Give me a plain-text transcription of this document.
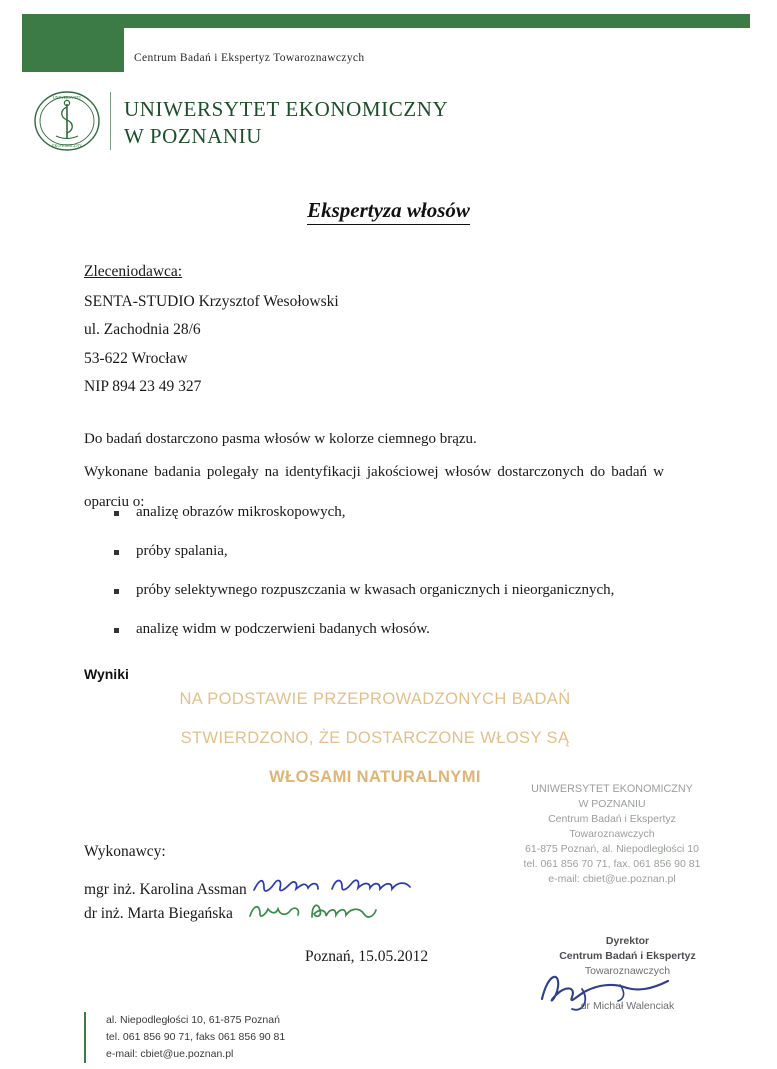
Centrum Badań i Ekspertyz Towaroznawczych
UNIWERSYTET
EKONOMICZNY
UNIWERSYTET EKONOMICZNY
W POZNANIU
Ekspertyza włosów
Zleceniodawca:
SENTA-STUDIO Krzysztof Wesołowski
ul. Zachodnia 28/6
53-622 Wrocław
NIP 894 23 49 327

Do badań dostarczono pasma włosów w kolorze ciemnego brązu.

Wykonane badania polegały na identyfikacji jakościowej włosów dostarczonych do badań w oparciu o:

analizę obrazów mikroskopowych,
próby spalania,
próby selektywnego rozpuszczania w kwasach organicznych i nieorganicznych,
analizę widm w podczerwieni badanych włosów.
Wyniki
NA PODSTAWIE PRZEPROWADZONYCH BADAŃ
STWIERDZONO, ŻE DOSTARCZONE WŁOSY SĄ
WŁOSAMI NATURALNYMI
UNIWERSYTET EKONOMICZNY
W POZNANIU
Centrum Badań i Ekspertyz
Towaroznawczych
61-875 Poznań, al. Niepodległości 10
tel. 061 856 70 71, fax. 061 856 90 81
e-mail: cbiet@ue.poznan.pl
Dyrektor
Centrum Badań i Ekspertyz
Towaroznawczych
dr Michał Walenciak
Wykonawcy:
mgr inż. Karolina Assman
dr inż. Marta Biegańska
Poznań, 15.05.2012
al. Niepodległości 10, 61-875 Poznań
tel. 061 856 90 71, faks 061 856 90 81
e-mail: cbiet@ue.poznan.pl
